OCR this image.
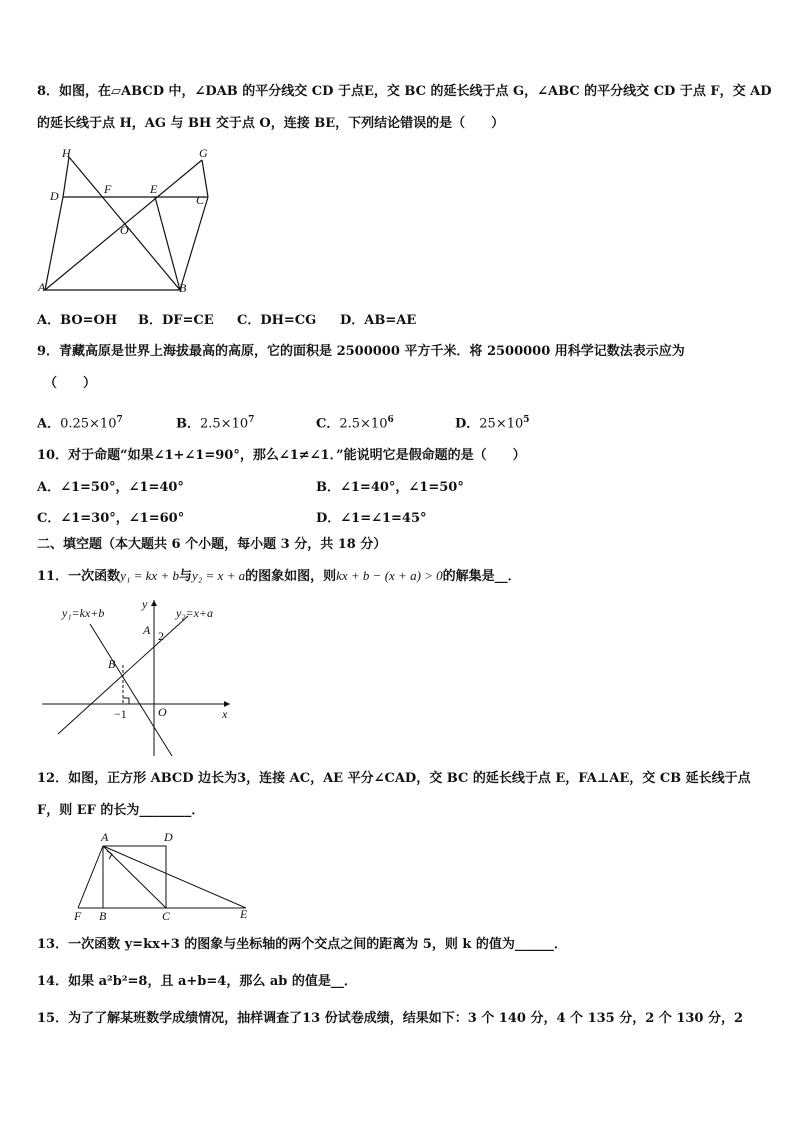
8．如图，在▱ABCD 中，∠DAB 的平分线交 CD 于点E，交 BC 的延长线于点 G，∠ABC 的平分线交 CD 于点 F，交 AD
的延长线于点 H，AG 与 BH 交于点 O，连接 BE，下列结论错误的是（　　）
H	G
D	F	E
C
O
A	B
A．BO=OH B．DF=CE C．DH=CG D．AB=AE
9．青藏高原是世界上海拔最高的高原，它的面积是 2500000 平方千米．将 2500000 用科学记数法表示应为
（　　）
A．$0.25\times 10^7$	B．$2.5\times 10^7$	C．$2.5\times 10^6$	D．$25\times 10^5$
10．对于命题“如果∠1+∠1=90°，那么∠1≠∠1．”能说明它是假命题的是（　　）
A．∠1=50°，∠1=40°	B．∠1=40°，∠1=50°
C．∠1=30°，∠1=60°	D．∠1=∠1=45°
二、填空题（本大题共 6 个小题，每小题 3 分，共 18 分）
11．一次函数y₁ = kx + b与y₂ = x + a的图象如图，则kx + b − (x + a) > 0的解集是__．
y₁=kx+b	y₂=x+a
y
x
A
B
O
2
−1
12．如图，正方形 ABCD 边长为3，连接 AC，AE 平分∠CAD，交 BC 的延长线于点 E，FA⊥AE，交 CB 延长线于点
F，则 EF 的长为________．
A	D
F B	C	E
13．一次函数 y=kx+3 的图象与坐标轴的两个交点之间的距离为 5，则 k 的值为______．
14．如果 a²b²=8，且 a+b=4，那么 ab 的值是__．
15．为了了解某班数学成绩情况，抽样调查了13 份试卷成绩，结果如下：3 个 140 分，4 个 135 分，2 个 130 分，2
